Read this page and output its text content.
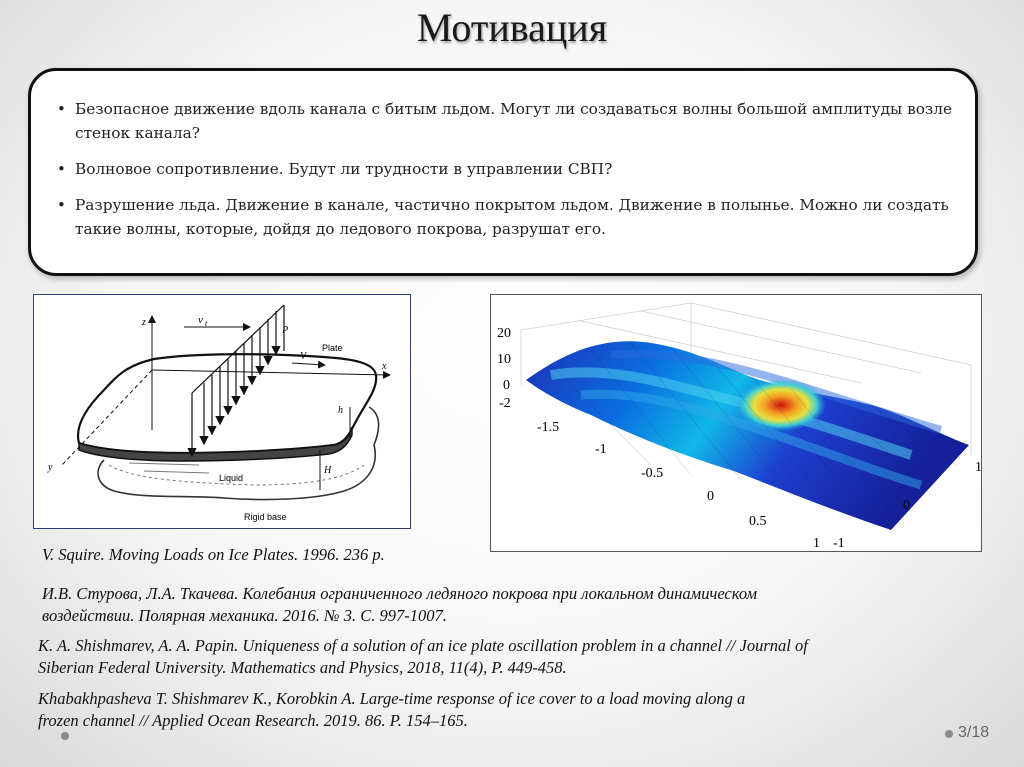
Мотивация
• Безопасное движение вдоль канала с битым льдом. Могут ли создаваться волны большой амплитуды возле стенок канала?
• Волновое сопротивление. Будут ли трудности в управлении СВП?
• Разрушение льда. Движение в канале, частично покрытом льдом. Движение в полынье. Можно ли создать такие волны, которые, дойдя до ледового покрова, разрушат его.
z	v t
P
Plate
V
x
h
H
y
Liquid
Rigid base
20
10
0
-2
-1.5
-1
-0.5
0
0.5
1
1
0
-1
V. Squire. Moving Loads on Ice Plates. 1996. 236 p.
И.В. Стурова, Л.А. Ткачева. Колебания ограниченного ледяного покрова при локальном динамическом
воздействии. Полярная механика. 2016. № 3. С. 997-1007.
K. A. Shishmarev, A. A. Papin. Uniqueness of a solution of an ice plate oscillation problem in a channel // Journal of
Siberian Federal University. Mathematics and Physics, 2018, 11(4), P. 449-458.
Khabakhpasheva T. Shishmarev K., Korobkin A. Large-time response of ice cover to a load moving along a
frozen channel // Applied Ocean Research. 2019. 86. P. 154–165.
3/18
